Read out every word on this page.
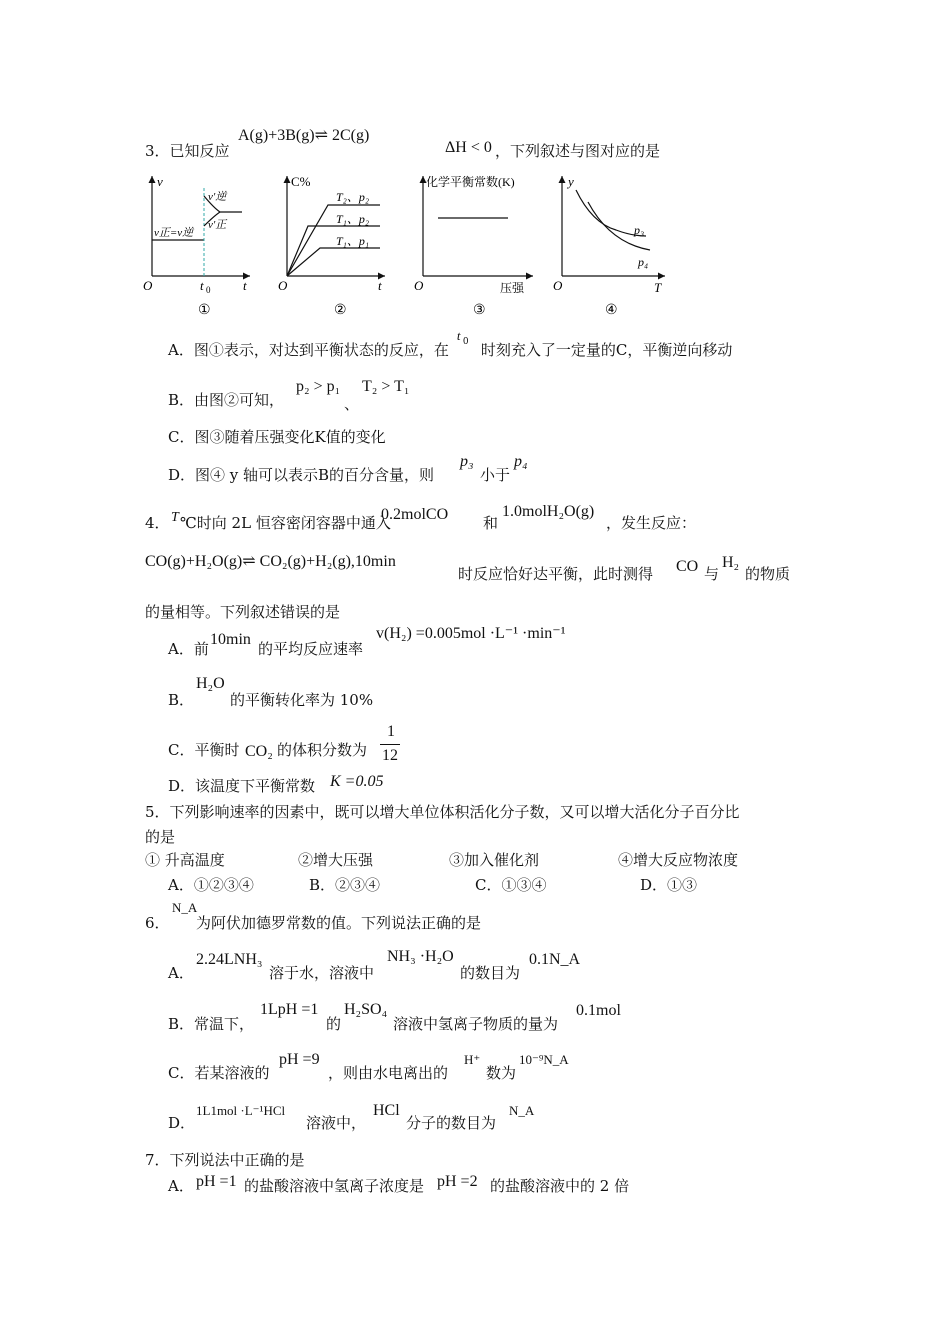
3．已知反应
A(g)+3B(g)⇌ 2C(g)
ΔH < 0 ，下列叙述与图对应的是
v
t
O
v正=v逆
v′逆
v′正
t 0
①
C%
t
O
T₂、p₂
T₁、p₂
T₁、p₁
②
化学平衡常数(K)
压强
O
③
y
T
O
p₃
p₄
④
A．图①表示，对达到平衡状态的反应，在
t 0 时刻充入了一定量的C，平衡逆向移动
B．由图②可知，
p₂ > p₁
、
T₂ > T₁
C．图③随着压强变化K值的变化
D．图④ y 轴可以表示B的百分含量，则
p₃
小于
p₄
4． T ℃时向 2L 恒容密闭容器中通入
0.2molCO 和
1.0molH₂O(g)
，发生反应：
CO(g)+H₂O(g)⇌ CO₂(g)+H₂(g),10min
时反应恰好达平衡，此时测得 CO 与
H₂
的物质
的量相等。下列叙述错误的是
A．前
10min
的平均反应速率
v(H₂) =0.005mol ·L⁻¹ ·min⁻¹
B．
H₂O
的平衡转化率为 10%
C．平衡时 CO₂ 的体积分数为
1
12
D．该温度下平衡常数 K =0.05
5．下列影响速率的因素中，既可以增大单位体积活化分子数，又可以增大活化分子百分比
的是
① 升高温度	②增大压强	③加入催化剂	④增大反应物浓度
A．①②③④	B．②③④	C．①③④	D．①③
6．
N_A
为阿伏加德罗常数的值。下列说法正确的是
A．
2.24LNH₃
溶于水，溶液中
NH₃ ·H₂O
的数目为
0.1N_A
B．常温下，
1LpH =1
的
H₂SO₄
溶液中氢离子物质的量为
0.1mol
C．若某溶液的
pH =9
，则由水电离出的
H⁺
数为
10⁻⁹N_A
D．
1L1mol ·L⁻¹HCl
溶液中，
HCl
分子的数目为
N_A
7．下列说法中正确的是
A． pH =1 的盐酸溶液中氢离子浓度是 pH =2 的盐酸溶液中的 2 倍
